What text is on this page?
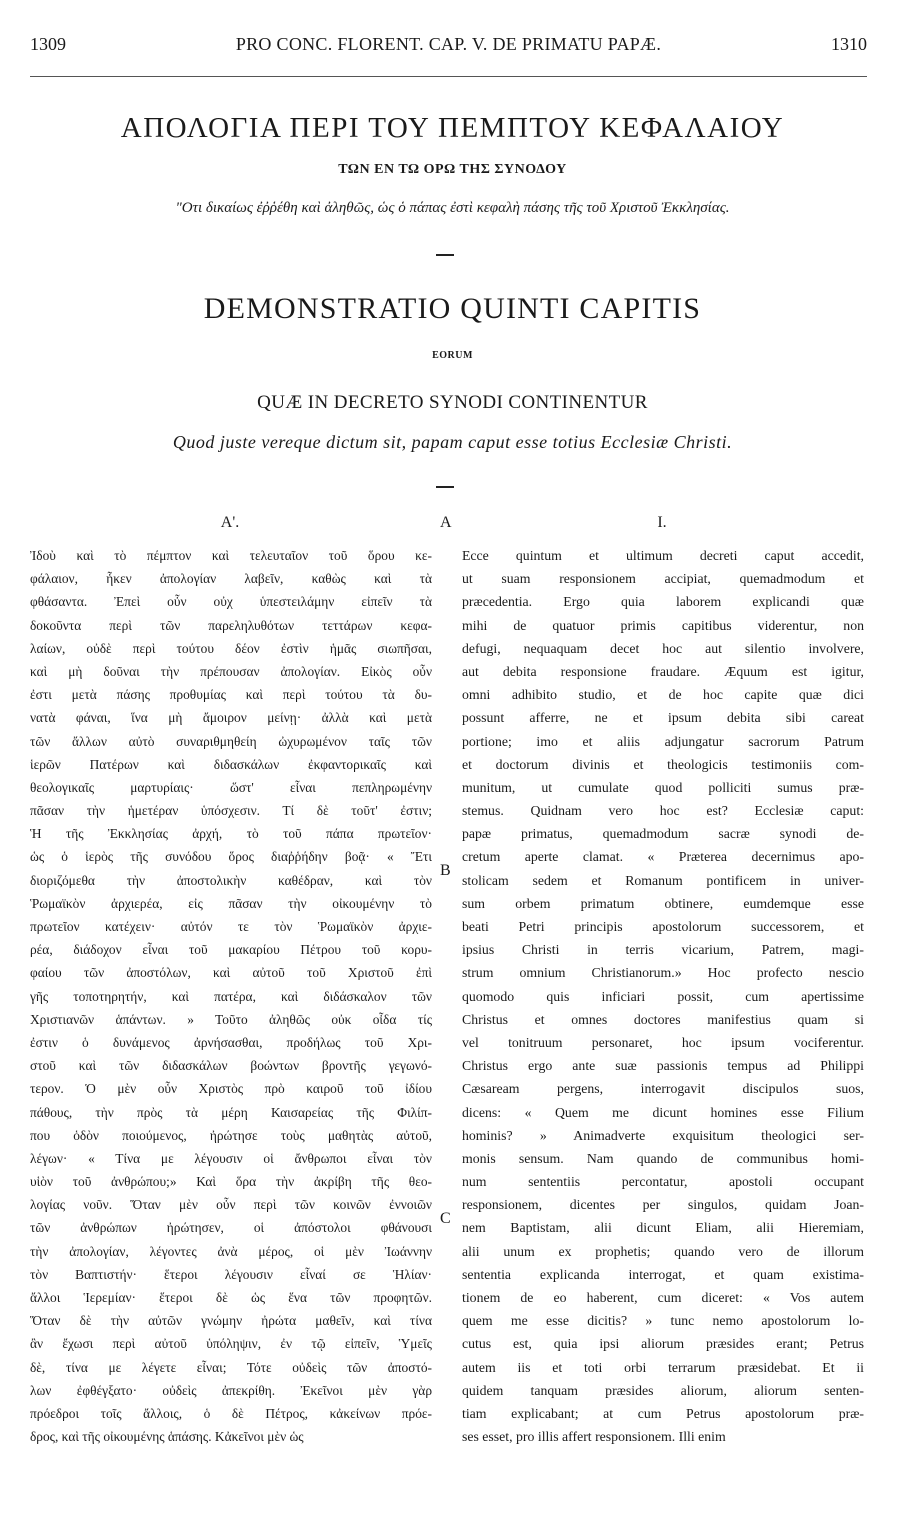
1309	PRO CONC. FLORENT. CAP. V. DE PRIMATU PAPÆ.	1310
ΑΠΟΛΟΓΙΑ ΠΕΡΙ ΤΟΥ ΠΕΜΠΤΟΥ ΚΕΦΑΛΑΙΟΥ
ΤΩΝ ΕΝ ΤΩ ΟΡΩ ΤΗΣ ΣΥΝΟΔΟΥ
"Οτι δικαίως ἐῤῥέθη καὶ ἀληθῶς, ὡς ὁ πάπας ἐστὶ κεφαλὴ πάσης τῆς τοῦ Χριστοῦ Ἐκκλησίας.
DEMONSTRATIO QUINTI CAPITIS
EORUM
QUÆ IN DECRETO SYNODI CONTINENTUR
Quod juste vereque dictum sit, papam caput esse totius Ecclesiæ Christi.
Α'.	I.
A
B
C
Ἰδοὺ καὶ τὸ πέμπτον καὶ τελευταῖον τοῦ ὅρου κε-
φάλαιον, ἧκεν ἀπολογίαν λαβεῖν, καθὼς καὶ τὰ
φθάσαντα. Ἐπεὶ οὖν οὐχ ὑπεστειλάμην εἰπεῖν τὰ
δοκοῦντα περὶ τῶν παρεληλυθότων τεττάρων κεφα-
λαίων, οὐδὲ περὶ τούτου δέον ἐστὶν ἡμᾶς σιωπῆσαι,
καὶ μὴ δοῦναι τὴν πρέπουσαν ἀπολογίαν. Εἰκὸς οὖν
ἐστι μετὰ πάσης προθυμίας καὶ περὶ τούτου τὰ δυ-
νατὰ φάναι, ἵνα μὴ ἄμοιρον μείνῃ· ἀλλὰ καὶ μετὰ
τῶν ἄλλων αὐτὸ συναριθμηθείη ὠχυρωμένον ταῖς τῶν
ἱερῶν Πατέρων καὶ διδασκάλων ἐκφαντορικαῖς καὶ
θεολογικαῖς μαρτυρίαις· ὥστ' εἶναι πεπληρωμένην
πᾶσαν τὴν ἡμετέραν ὑπόσχεσιν. Τί δὲ τοῦτ' ἐστιν;
Ἡ τῆς Ἐκκλησίας ἀρχή, τὸ τοῦ πάπα πρωτεῖον·
ὡς ὁ ἱερὸς τῆς συνόδου ὅρος διαῤῥήδην βοᾷ· « Ἔτι
διοριζόμεθα τὴν ἀποστολικὴν καθέδραν, καὶ τὸν
Ῥωμαϊκὸν ἀρχιερέα, εἰς πᾶσαν τὴν οἰκουμένην τὸ
πρωτεῖον κατέχειν· αὐτόν τε τὸν Ῥωμαϊκὸν ἀρχιε-
ρέα, διάδοχον εἶναι τοῦ μακαρίου Πέτρου τοῦ κορυ-
φαίου τῶν ἀποστόλων, καὶ αὐτοῦ τοῦ Χριστοῦ ἐπὶ
γῆς τοποτηρητήν, καὶ πατέρα, καὶ διδάσκαλον τῶν
Χριστιανῶν ἁπάντων. » Τοῦτο ἀληθῶς οὐκ οἶδα τίς
ἐστιν ὁ δυνάμενος ἀρνήσασθαι, προδήλως τοῦ Χρι-
στοῦ καὶ τῶν διδασκάλων βοώντων βροντῆς γεγωνό-
τερον. Ὁ μὲν οὖν Χριστὸς πρὸ καιροῦ τοῦ ἰδίου
πάθους, τὴν πρὸς τὰ μέρη Καισαρείας τῆς Φιλίπ-
που ὁδὸν ποιούμενος, ἠρώτησε τοὺς μαθητὰς αὐτοῦ,
λέγων· « Τίνα με λέγουσιν οἱ ἄνθρωποι εἶναι τὸν
υἱὸν τοῦ ἀνθρώπου;» Καὶ ὅρα τὴν ἀκρίβη τῆς θεο-
λογίας νοῦν. Ὅταν μὲν οὖν περὶ τῶν κοινῶν ἐννοιῶν
τῶν ἀνθρώπων ἠρώτησεν, οἱ ἀπόστολοι φθάνουσι
τὴν ἀπολογίαν, λέγοντες ἀνὰ μέρος, οἱ μὲν Ἰωάννην
τὸν Βαπτιστήν· ἕτεροι λέγουσιν εἶναί σε Ἡλίαν·
ἄλλοι Ἱερεμίαν· ἕτεροι δὲ ὡς ἕνα τῶν προφητῶν.
Ὅταν δὲ τὴν αὐτῶν γνώμην ἠρώτα μαθεῖν, καὶ τίνα
ἂν ἔχωσι περὶ αὐτοῦ ὑπόληψιν, ἐν τῷ εἰπεῖν, Ὑμεῖς
δὲ, τίνα με λέγετε εἶναι; Τότε οὐδεὶς τῶν ἀποστό-
λων ἐφθέγξατο· οὐδεὶς ἀπεκρίθη. Ἐκεῖνοι μὲν γὰρ
πρόεδροι τοῖς ἄλλοις, ὁ δὲ Πέτρος, κἀκείνων πρόε-
δρος, καὶ τῆς οἰκουμένης ἁπάσης. Κἀκεῖνοι μὲν ὡς
Ecce quintum et ultimum decreti caput accedit,
ut suam responsionem accipiat, quemadmodum et
præcedentia. Ergo quia laborem explicandi quæ
mihi de quatuor primis capitibus viderentur, non
defugi, nequaquam decet hoc aut silentio involvere,
aut debita responsione fraudare. Æquum est igitur,
omni adhibito studio, et de hoc capite quæ dici
possunt afferre, ne et ipsum debita sibi careat
portione; imo et aliis adjungatur sacrorum Patrum
et doctorum divinis et theologicis testimoniis com-
munitum, ut cumulate quod polliciti sumus præ-
stemus. Quidnam vero hoc est? Ecclesiæ caput:
papæ primatus, quemadmodum sacræ synodi de-
cretum aperte clamat. « Præterea decernimus apo-
stolicam sedem et Romanum pontificem in univer-
sum orbem primatum obtinere, eumdemque esse
beati Petri principis apostolorum successorem, et
ipsius Christi in terris vicarium, Patrem, magi-
strum omnium Christianorum.» Hoc profecto nescio
quomodo quis inficiari possit, cum apertissime
Christus et omnes doctores manifestius quam si
vel tonitruum personaret, hoc ipsum vociferentur.
Christus ergo ante suæ passionis tempus ad Philippi
Cæsaream pergens, interrogavit discipulos suos,
dicens: « Quem me dicunt homines esse Filium
hominis? » Animadverte exquisitum theologici ser-
monis sensum. Nam quando de communibus homi-
num sententiis percontatur, apostoli occupant
responsionem, dicentes per singulos, quidam Joan-
nem Baptistam, alii dicunt Eliam, alii Hieremiam,
alii unum ex prophetis; quando vero de illorum
sententia explicanda interrogat, et quam existima-
tionem de eo haberent, cum diceret: « Vos autem
quem me esse dicitis? » tunc nemo apostolorum lo-
cutus est, quia ipsi aliorum præsides erant; Petrus
autem iis et toti orbi terrarum præsidebat. Et ii
quidem tanquam præsides aliorum, aliorum senten-
tiam explicabant; at cum Petrus apostolorum præ-
ses esset, pro illis affert responsionem. Illi enim
